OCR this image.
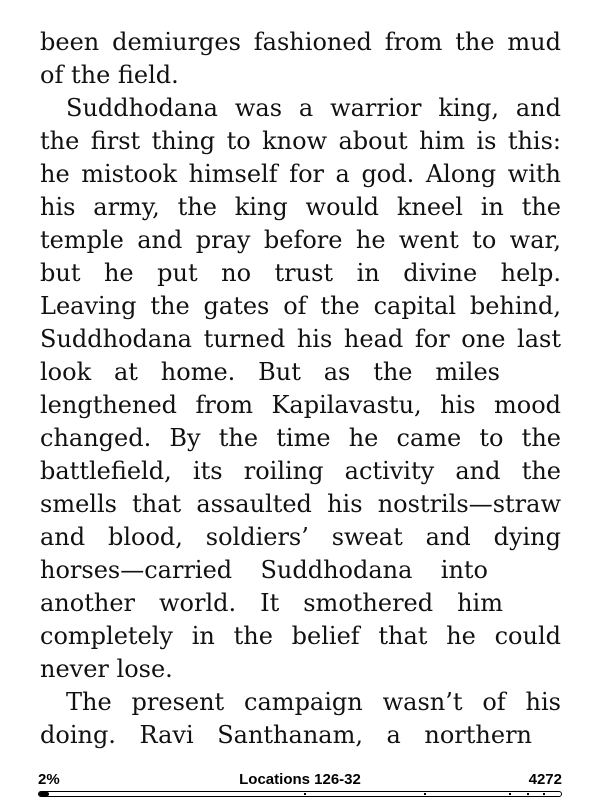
been demiurges fashioned from the mud
of the field.
Suddhodana was a warrior king, and
the first thing to know about him is this:
he mistook himself for a god. Along with
his army, the king would kneel in the
temple and pray before he went to war,
but he put no trust in divine help.
Leaving the gates of the capital behind,
Suddhodana turned his head for one last
look at home. But as the miles
lengthened from Kapilavastu, his mood
changed. By the time he came to the
battlefield, its roiling activity and the
smells that assaulted his nostrils—straw
and blood, soldiers’ sweat and dying
horses—carried Suddhodana into
another world. It smothered him
completely in the belief that he could
never lose.
The present campaign wasn’t of his
doing. Ravi Santhanam, a northern
2%	Locations 126-32	4272
